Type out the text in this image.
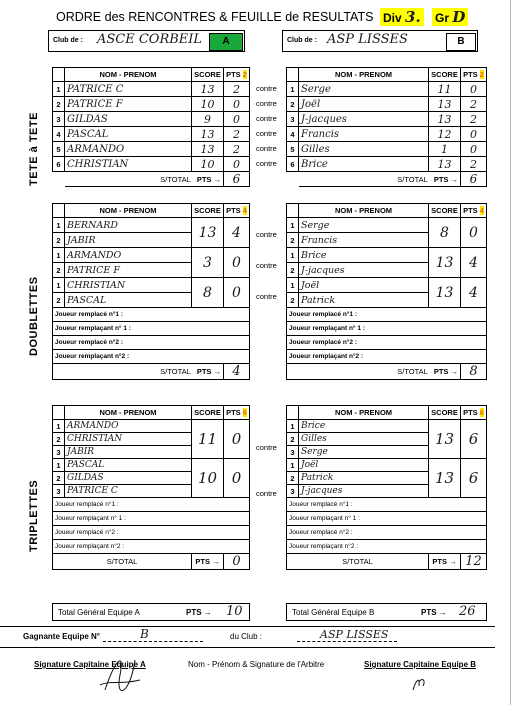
ORDRE des RENCONTRES & FEUILLE de RESULTATS Div 3. Gr D
Club de : ASCE CORBEIL	A	Club de : ASP LISSES	B
TETE à TETE
DOUBLETTES
TRIPLETTES
	NOM - PRENOM	SCORE	PTS 2
1	PATRICE C	13	2
2	PATRICE F	10	0
3	GILDAS	9	0
4	PASCAL	13	2
5	ARMANDO	13	2
6	CHRISTIAN	10	0
	S/TOTAL PTS →		6
	NOM - PRENOM	SCORE	PTS 2
1	Serge	11	0
2	Joël	13	2
3	J-jacques	13	2
4	Francis	12	0
5	Gilles	1	0
6	Brice	13	2
	S/TOTAL PTS →		6
contre
contre
contre
contre
contre
contre
	NOM - PRENOM	SCORE	PTS 4
1	BERNARD	13	4
2	JABIR		
1	ARMANDO	3	0
2	PATRICE F		
1	CHRISTIAN	8	0
2	PASCAL		
Joueur remplacé n°1 :			
Joueur remplaçant n° 1 :			
Joueur remplacé n°2 :			
Joueur remplaçant n°2 :			
S/TOTAL PTS →			4
	NOM - PRENOM	SCORE	PTS 4
1	Serge	8	0
2	Francis		
1	Brice	13	4
2	J-jacques		
1	Joël	13	4
2	Patrick		
Joueur remplacé n°1 :			
Joueur remplaçant n° 1 :			
Joueur remplacé n°2 :			
Joueur remplaçant n°2 :			
S/TOTAL PTS →			8
contre
contre
contre
	NOM - PRENOM	SCORE	PTS 6
1	ARMANDO	11	0
2	CHRISTIAN		
3	JABIR		
1	PASCAL	10	0
2	GILDAS		
3	PATRICE C		
Joueur remplacé n°1 :			
Joueur remplaçant n° 1 :			
Joueur remplacé n°2 :			
Joueur remplaçant n°2 :			
S/TOTAL		PTS →	0
	NOM - PRENOM	SCORE	PTS 6
1	Brice	13	6
2	Gilles		
3	Serge		
1	Joël	13	6
2	Patrick		
3	J-jacques		
Joueur remplacé n°1 :			
Joueur remplaçant n° 1 :			
Joueur remplacé n°2 :			
Joueur remplaçant n°2 :			
S/TOTAL		PTS →	12
contre
contre
Total Général Equipe A	PTS → 10	Total Général Equipe B	PTS → 26
Gagnante Equipe N°	B	du Club :	ASP LISSES
Signature Capitaine Equipe A	Nom - Prénom & Signature de l'Arbitre	Signature Capitaine Equipe B
